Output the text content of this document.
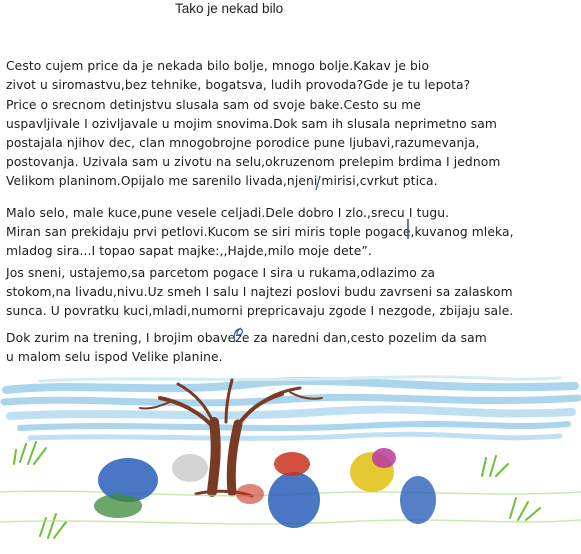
Tako je nekad bilo
Cesto cujem price da je nekada bilo bolje, mnogo bolje.Kakav je bio
zivot u siromastvu,bez tehnike, bogatsva, ludih provoda?Gde je tu lepota?
Price o srecnom detinjstvu slusala sam od svoje bake.Cesto su me
uspavljivale I ozivljavale u mojim snovima.Dok sam ih slusala neprimetno sam
postajala njihov dec, clan mnogobrojne porodice pune ljubavi,razumevanja,
postovanja. Uzivala sam u zivotu na selu,okruzenom prelepim brdima I jednom
Velikom planinom.Opijalo me sarenilo livada,njeni mirisi,cvrkut ptica.
Malo selo, male kuce,pune vesele celjadi.Dele dobro I zlo.,srecu I tugu.
Miran san prekidaju prvi petlovi.Kucom se siri miris tople pogace,kuvanog mleka,
mladog sira...I topao sapat majke:,,Hajde,milo moje dete”.
Jos sneni, ustajemo,sa parcetom pogace I sira u rukama,odlazimo za
stokom,na livadu,nivu.Uz smeh I salu I najtezi poslovi budu zavrseni sa zalaskom
sunca. U povratku kuci,mladi,numorni prepricavaju zgode I nezgode, zbijaju sale.
Dok zurim na trening, I brojim obaveze za naredni dan,cesto pozelim da sam
u malom selu ispod Velike planine.
